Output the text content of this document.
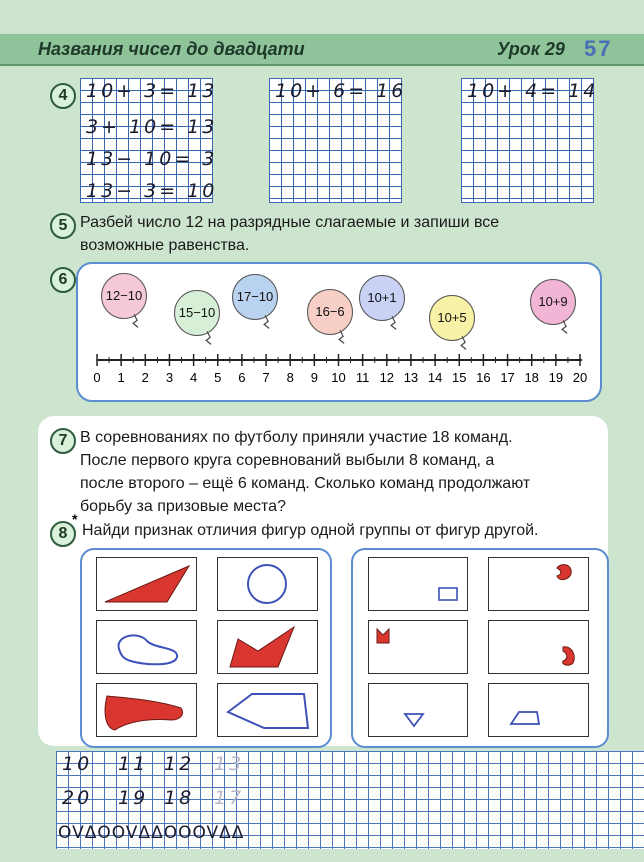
Названия чисел до двадцати	Урок 29 57
4 10+ 3= 13
3+ 10= 13
13− 10= 3
13− 3= 10
10+ 6= 16	10+ 4= 14
5 Разбей число 12 на разрядные слагаемые и запиши все
возможные равенства.
6
12−10
15−10
17−10
16−6
10+1
10+5
10+9
0 1 2 3 4 5 6 7 8 9 10 11 12 13 14 15 16 17 18 19 20
7 В соревнованиях по футболу приняли участие 18 команд.
После первого круга соревнований выбыли 8 команд, а
после второго – ещё 6 команд. Сколько команд продолжают
борьбу за призовые места?
8
*
Найди признак отличия фигур одной группы от фигур другой.
10 11 12 13
20 19 18 17
OVΔOOVΔΔOOOVΔΔ
